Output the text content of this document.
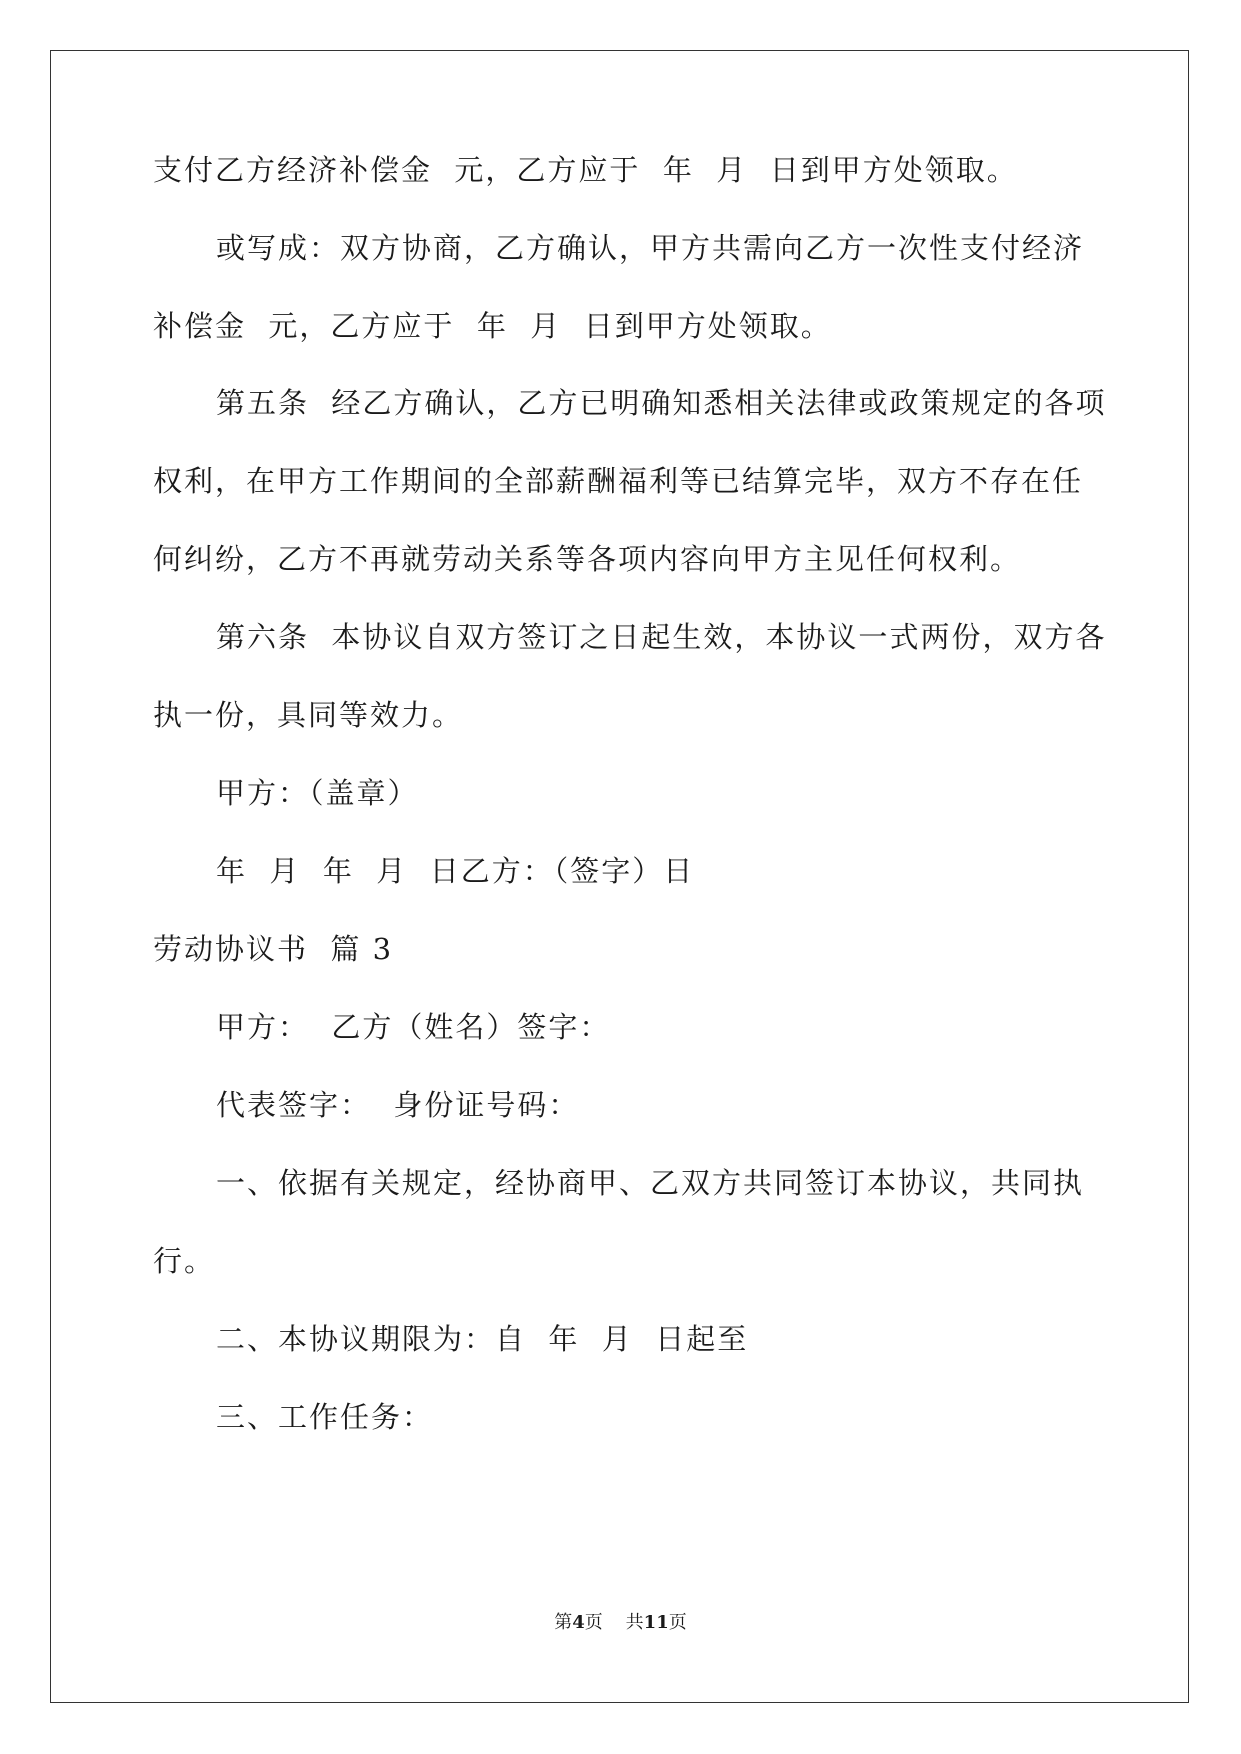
支付乙方经济补偿金  元，乙方应于  年  月  日到甲方处领取。
或写成：双方协商，乙方确认，甲方共需向乙方一次性支付经济
补偿金  元，乙方应于  年  月  日到甲方处领取。
第五条  经乙方确认，乙方已明确知悉相关法律或政策规定的各项
权利，在甲方工作期间的全部薪酬福利等已结算完毕，双方不存在任
何纠纷，乙方不再就劳动关系等各项内容向甲方主见任何权利。
第六条  本协议自双方签订之日起生效，本协议一式两份，双方各
执一份，具同等效力。
甲方：（盖章）
年  月  年  月  日乙方：（签字）日
劳动协议书  篇 3
甲方：  乙方（姓名）签字：
代表签字：  身份证号码：
一、依据有关规定，经协商甲、乙双方共同签订本协议，共同执
行。
二、本协议期限为：自  年  月  日起至
三、工作任务：
第4页    共11页
